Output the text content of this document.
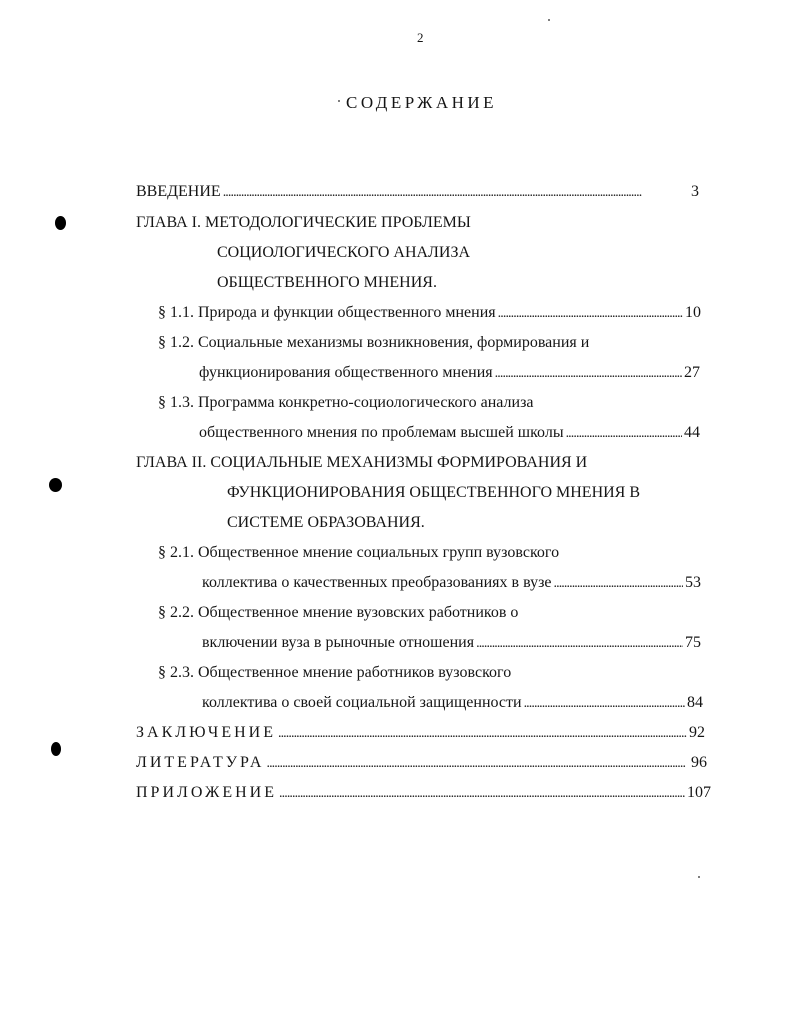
2
СОДЕРЖАНИЕ
ВВЕДЕНИЕ . . .	3
ГЛАВА I. МЕТОДОЛОГИЧЕСКИЕ ПРОБЛЕМЫ
СОЦИОЛОГИЧЕСКОГО АНАЛИЗА
ОБЩЕСТВЕННОГО МНЕНИЯ.
§ 1.1. Природа и функции общественного мнения . . .	10
§ 1.2. Социальные механизмы возникновения, формирования и
функционирования общественного мнения . . .	27
§ 1.3. Программа конкретно-социологического анализа
общественного мнения по проблемам высшей школы . . .	44
ГЛАВА II. СОЦИАЛЬНЫЕ МЕХАНИЗМЫ ФОРМИРОВАНИЯ И
ФУНКЦИОНИРОВАНИЯ ОБЩЕСТВЕННОГО МНЕНИЯ В
СИСТЕМЕ ОБРАЗОВАНИЯ.
§ 2.1. Общественное мнение социальных групп вузовского
коллектива о качественных преобразованиях в вузе . . .	53
§ 2.2. Общественное мнение вузовских работников о
включении вуза в рыночные отношения . . .	75
§ 2.3. Общественное мнение работников вузовского
коллектива о своей социальной защищенности . . .	84
ЗАКЛЮЧЕНИЕ . . .	92
ЛИТЕРАТУРА . . .	96
ПРИЛОЖЕНИЕ . . .	107
